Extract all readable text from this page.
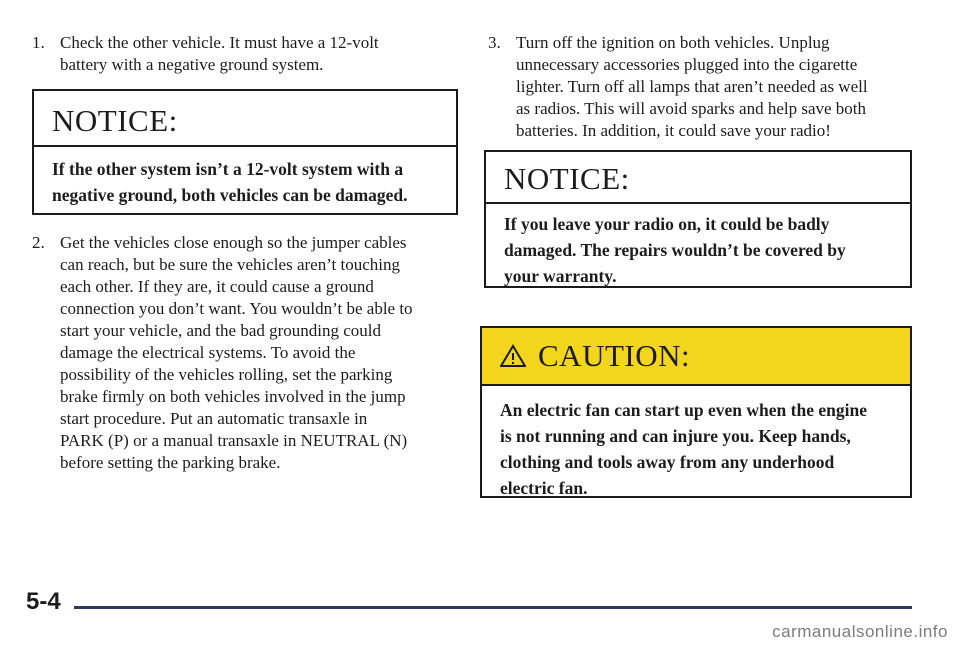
1. Check the other vehicle. It must have a 12-volt
battery with a negative ground system.
NOTICE:
If the other system isn’t a 12-volt system with a
negative ground, both vehicles can be damaged.
2. Get the vehicles close enough so the jumper cables
can reach, but be sure the vehicles aren’t touching
each other. If they are, it could cause a ground
connection you don’t want. You wouldn’t be able to
start your vehicle, and the bad grounding could
damage the electrical systems. To avoid the
possibility of the vehicles rolling, set the parking
brake firmly on both vehicles involved in the jump
start procedure. Put an automatic transaxle in
PARK (P) or a manual transaxle in NEUTRAL (N)
before setting the parking brake.
3. Turn off the ignition on both vehicles. Unplug
unnecessary accessories plugged into the cigarette
lighter. Turn off all lamps that aren’t needed as well
as radios. This will avoid sparks and help save both
batteries. In addition, it could save your radio!
NOTICE:
If you leave your radio on, it could be badly
damaged. The repairs wouldn’t be covered by
your warranty.
CAUTION:
An electric fan can start up even when the engine
is not running and can injure you. Keep hands,
clothing and tools away from any underhood
electric fan.
5-4
carmanualsonline.info
